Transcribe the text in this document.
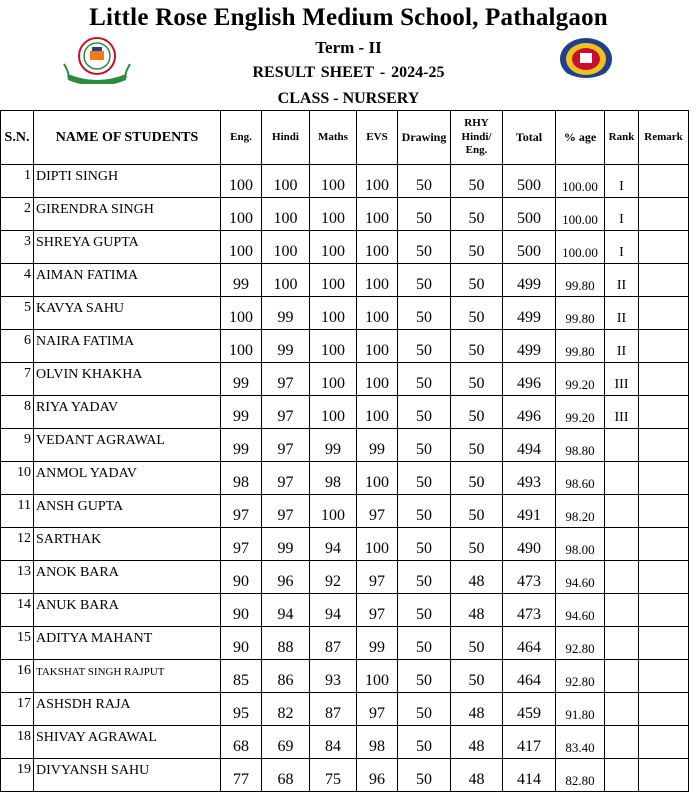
Little Rose English Medium School, Pathalgaon
Term - II
RESULT SHEET - 2024-25
CLASS - NURSERY
S.N.	NAME OF STUDENTS	Eng.	Hindi	Maths	EVS	Drawing	RHY Hindi/ Eng.	Total	% age	Rank	Remark
1	DIPTI SINGH	100	100	100	100	50	50	500	100.00	I	
2	GIRENDRA SINGH	100	100	100	100	50	50	500	100.00	I	
3	SHREYA GUPTA	100	100	100	100	50	50	500	100.00	I	
4	AIMAN FATIMA	99	100	100	100	50	50	499	99.80	II	
5	KAVYA SAHU	100	99	100	100	50	50	499	99.80	II	
6	NAIRA FATIMA	100	99	100	100	50	50	499	99.80	II	
7	OLVIN KHAKHA	99	97	100	100	50	50	496	99.20	III	
8	RIYA YADAV	99	97	100	100	50	50	496	99.20	III	
9	VEDANT AGRAWAL	99	97	99	99	50	50	494	98.80		
10	ANMOL YADAV	98	97	98	100	50	50	493	98.60		
11	ANSH GUPTA	97	97	100	97	50	50	491	98.20		
12	SARTHAK	97	99	94	100	50	50	490	98.00		
13	ANOK BARA	90	96	92	97	50	48	473	94.60		
14	ANUK BARA	90	94	94	97	50	48	473	94.60		
15	ADITYA MAHANT	90	88	87	99	50	50	464	92.80		
16	TAKSHAT SINGH RAJPUT	85	86	93	100	50	50	464	92.80		
17	ASHSDH RAJA	95	82	87	97	50	48	459	91.80		
18	SHIVAY AGRAWAL	68	69	84	98	50	48	417	83.40		
19	DIVYANSH SAHU	77	68	75	96	50	48	414	82.80		
